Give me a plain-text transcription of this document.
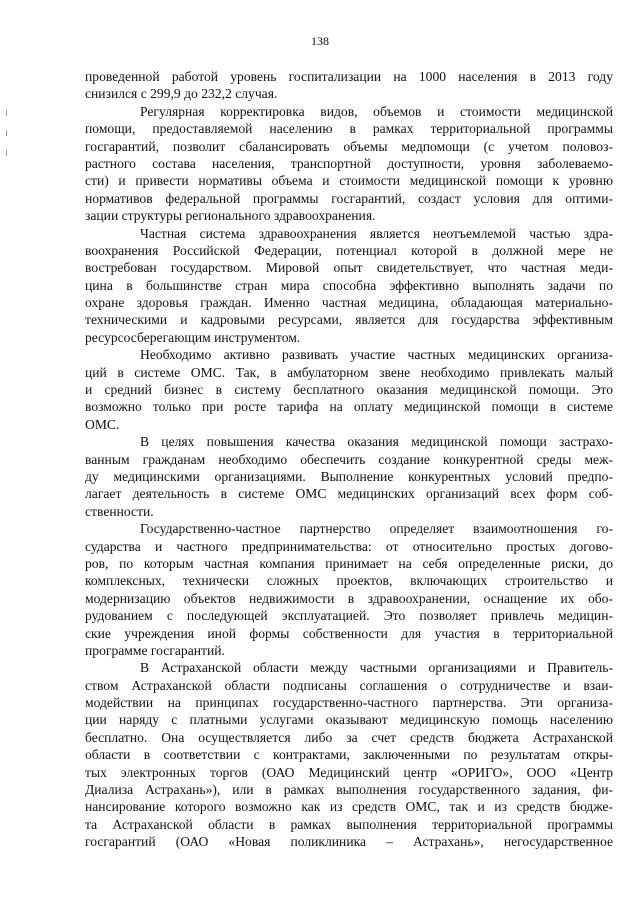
138
проведенной работой уровень госпитализации на 1000 населения в 2013 году
снизился с 299,9 до 232,2 случая.
Регулярная корректировка видов, объемов и стоимости медицинской
помощи, предоставляемой населению в рамках территориальной программы
госгарантий, позволит сбалансировать объемы медпомощи (с учетом половоз-
растного состава населения, транспортной доступности, уровня заболеваемо-
сти) и привести нормативы объема и стоимости медицинской помощи к уровню
нормативов федеральной программы госгарантий, создаст условия для оптими-
зации структуры регионального здравоохранения.
Частная система здравоохранения является неотъемлемой частью здра-
воохранения Российской Федерации, потенциал которой в должной мере не
востребован государством. Мировой опыт свидетельствует, что частная меди-
цина в большинстве стран мира способна эффективно выполнять задачи по
охране здоровья граждан. Именно частная медицина, обладающая материально-
техническими и кадровыми ресурсами, является для государства эффективным
ресурсосберегающим инструментом.
Необходимо активно развивать участие частных медицинских организа-
ций в системе ОМС. Так, в амбулаторном звене необходимо привлекать малый
и средний бизнес в систему бесплатного оказания медицинской помощи. Это
возможно только при росте тарифа на оплату медицинской помощи в системе
ОМС.
В целях повышения качества оказания медицинской помощи застрахо-
ванным гражданам необходимо обеспечить создание конкурентной среды меж-
ду медицинскими организациями. Выполнение конкурентных условий предпо-
лагает деятельность в системе ОМС медицинских организаций всех форм соб-
ственности.
Государственно-частное партнерство определяет взаимоотношения го-
сударства и частного предпринимательства: от относительно простых догово-
ров, по которым частная компания принимает на себя определенные риски, до
комплексных, технически сложных проектов, включающих строительство и
модернизацию объектов недвижимости в здравоохранении, оснащение их обо-
рудованием с последующей эксплуатацией. Это позволяет привлечь медицин-
ские учреждения иной формы собственности для участия в территориальной
программе госгарантий.
В Астраханской области между частными организациями и Правитель-
ством Астраханской области подписаны соглашения о сотрудничестве и взаи-
модействии на принципах государственно-частного партнерства. Эти организа-
ции наряду с платными услугами оказывают медицинскую помощь населению
бесплатно. Она осуществляется либо за счет средств бюджета Астраханской
области в соответствии с контрактами, заключенными по результатам откры-
тых электронных торгов (ОАО Медицинский центр «ОРИГО», ООО «Центр
Диализа Астрахань»), или в рамках выполнения государственного задания, фи-
нансирование которого возможно как из средств ОМС, так и из средств бюдже-
та Астраханской области в рамках выполнения территориальной программы
госгарантий (ОАО «Новая поликлиника – Астрахань», негосударственное
